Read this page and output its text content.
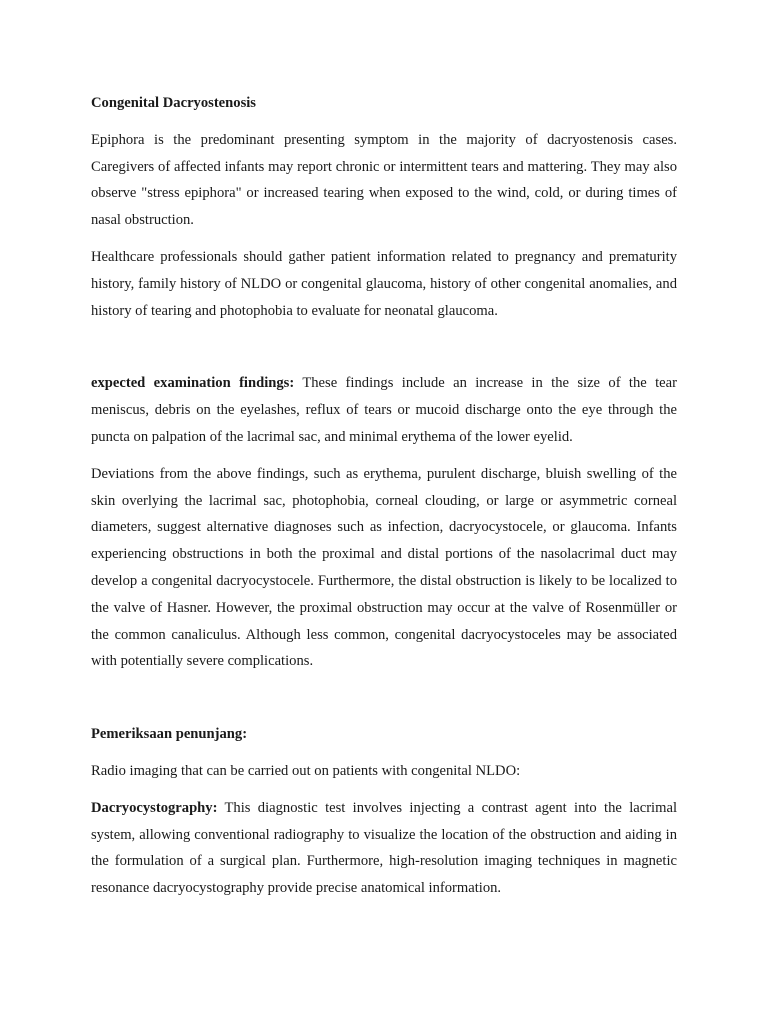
Congenital Dacryostenosis

Epiphora is the predominant presenting symptom in the majority of dacryostenosis cases. Caregivers of affected infants may report chronic or intermittent tears and mattering. They may also observe "stress epiphora" or increased tearing when exposed to the wind, cold, or during times of nasal obstruction.

Healthcare professionals should gather patient information related to pregnancy and prematurity history, family history of NLDO or congenital glaucoma, history of other congenital anomalies, and history of tearing and photophobia to evaluate for neonatal glaucoma.

expected examination findings: These findings include an increase in the size of the tear meniscus, debris on the eyelashes, reflux of tears or mucoid discharge onto the eye through the puncta on palpation of the lacrimal sac, and minimal erythema of the lower eyelid.

Deviations from the above findings, such as erythema, purulent discharge, bluish swelling of the skin overlying the lacrimal sac, photophobia, corneal clouding, or large or asymmetric corneal diameters, suggest alternative diagnoses such as infection, dacryocystocele, or glaucoma. Infants experiencing obstructions in both the proximal and distal portions of the nasolacrimal duct may develop a congenital dacryocystocele. Furthermore, the distal obstruction is likely to be localized to the valve of Hasner. However, the proximal obstruction may occur at the valve of Rosenmüller or the common canaliculus. Although less common, congenital dacryocystoceles may be associated with potentially severe complications.

Pemeriksaan penunjang:

Radio imaging that can be carried out on patients with congenital NLDO:

Dacryocystography: This diagnostic test involves injecting a contrast agent into the lacrimal system, allowing conventional radiography to visualize the location of the obstruction and aiding in the formulation of a surgical plan. Furthermore, high-resolution imaging techniques in magnetic resonance dacryocystography provide precise anatomical information.
